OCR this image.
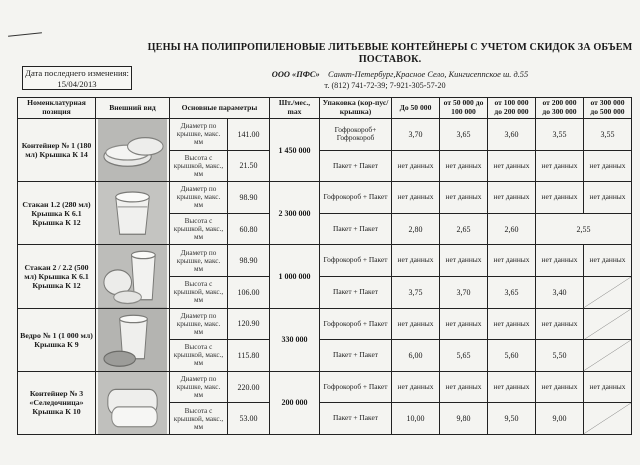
ЦЕНЫ НА ПОЛИПРОПИЛЕНОВЫЕ ЛИТЬЕВЫЕ КОНТЕЙНЕРЫ С УЧЕТОМ СКИДОК ЗА ОБЪЕМ ПОСТАВОК.
Дата последнего изменения: 15/04/2013
ООО «ПФС» Санкт-Петербург,Красное Село, Кингисеппское ш. д.55
т. (812) 741-72-39; 7-921-305-57-20
Номенклатурная позиция	Внешний вид	Основные параметры		Шт./мес., max	Упаковка (кор-пус/крышка)	До 50 000	от 50 000 до 100 000	от 100 000 до 200 000	от 200 000 до 300 000	от 300 000 до 500 000
Контейнер № 1 (180 мл) Крышка К 14		Диаметр по крышке, макс. мм	141.00	1 450 000	Гофрокороб+ Гофрокороб	3,70	3,65	3,60	3,55	3,55
		Высота с крышкой, макс., мм	21.50		Пакет + Пакет	нет данных	нет данных	нет данных	нет данных	нет данных
Стакан 1.2 (280 мл) Крышка К 6.1 Крышка К 12		Диаметр по крышке, макс. мм	98.90	2 300 000	Гофрокороб + Пакет	нет данных	нет данных	нет данных	нет данных	нет данных
		Высота с крышкой, макс., мм	60.80		Пакет + Пакет	2,80	2,65	2,60	2,55	
Стакан 2 / 2.2 (500 мл) Крышка К 6.1 Крышка К 12		Диаметр по крышке, макс. мм	98.90	1 000 000	Гофрокороб + Пакет	нет данных	нет данных	нет данных	нет данных	нет данных
		Высота с крышкой, макс., мм	106.00		Пакет + Пакет	3,75	3,70	3,65	3,40	

Ведро № 1 (1 000 мл) Крышка К 9		Диаметр по крышке, макс. мм	120.90	330 000	Гофрокороб + Пакет	нет данных	нет данных	нет данных	нет данных	

		Высота с крышкой, макс., мм	115.80		Пакет + Пакет	6,00	5,65	5,60	5,50	

Контейнер № 3 «Селедочница» Крышка К 10		Диаметр по крышке, макс. мм	220.00	200 000	Гофрокороб + Пакет	нет данных	нет данных	нет данных	нет данных	нет данных
		Высота с крышкой, макс., мм	53.00		Пакет + Пакет	10,00	9,80	9,50	9,00	
